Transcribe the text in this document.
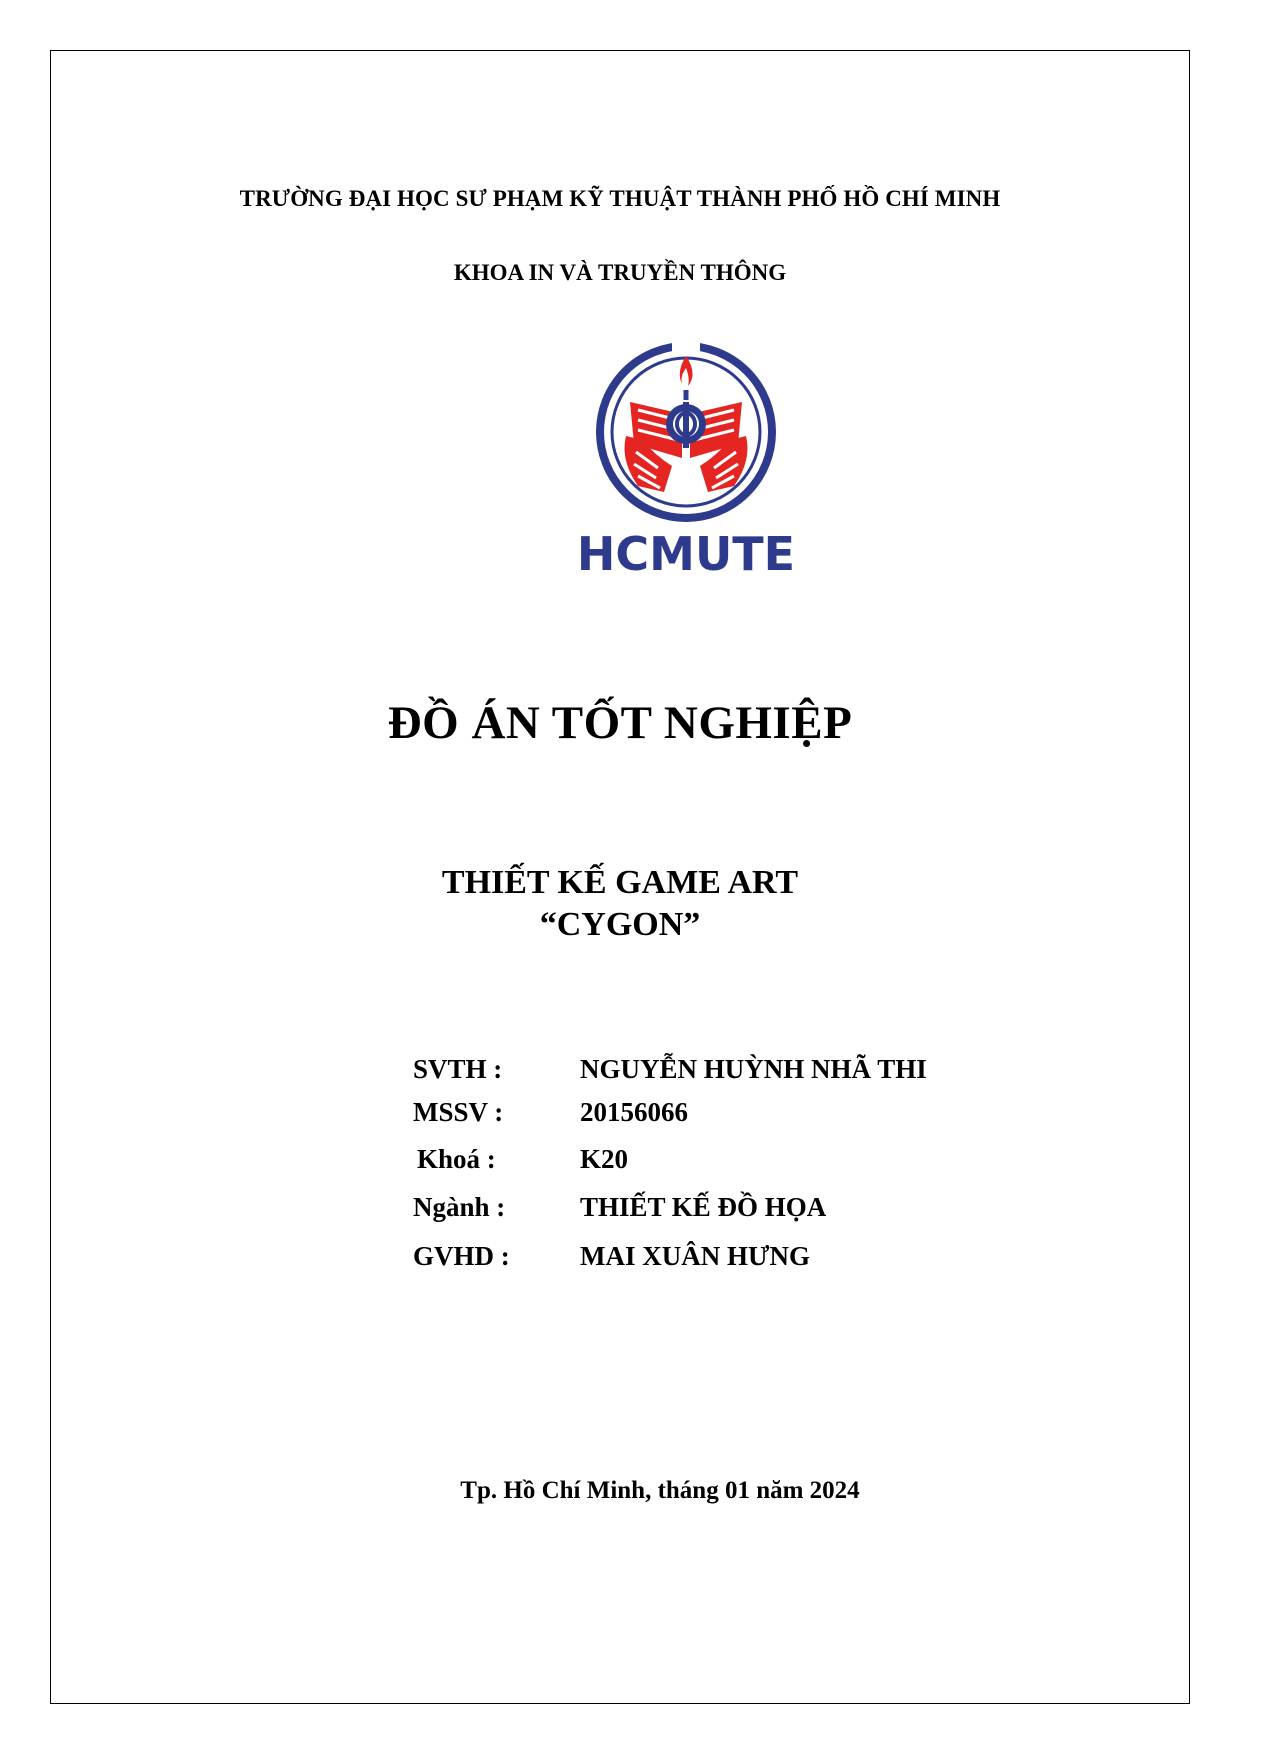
TRƯỜNG ĐẠI HỌC SƯ PHẠM KỸ THUẬT THÀNH PHỐ HỒ CHÍ MINH
KHOA IN VÀ TRUYỀN THÔNG
HCMUTE
ĐỒ ÁN TỐT NGHIỆP
THIẾT KẾ GAME ART
“CYGON”
SVTH :	NGUYỄN HUỲNH NHÃ THI
MSSV :	20156066
Khoá :	K20
Ngành :	THIẾT KẾ ĐỒ HỌA
GVHD :	MAI XUÂN HƯNG
Tp. Hồ Chí Minh, tháng 01 năm 2024
